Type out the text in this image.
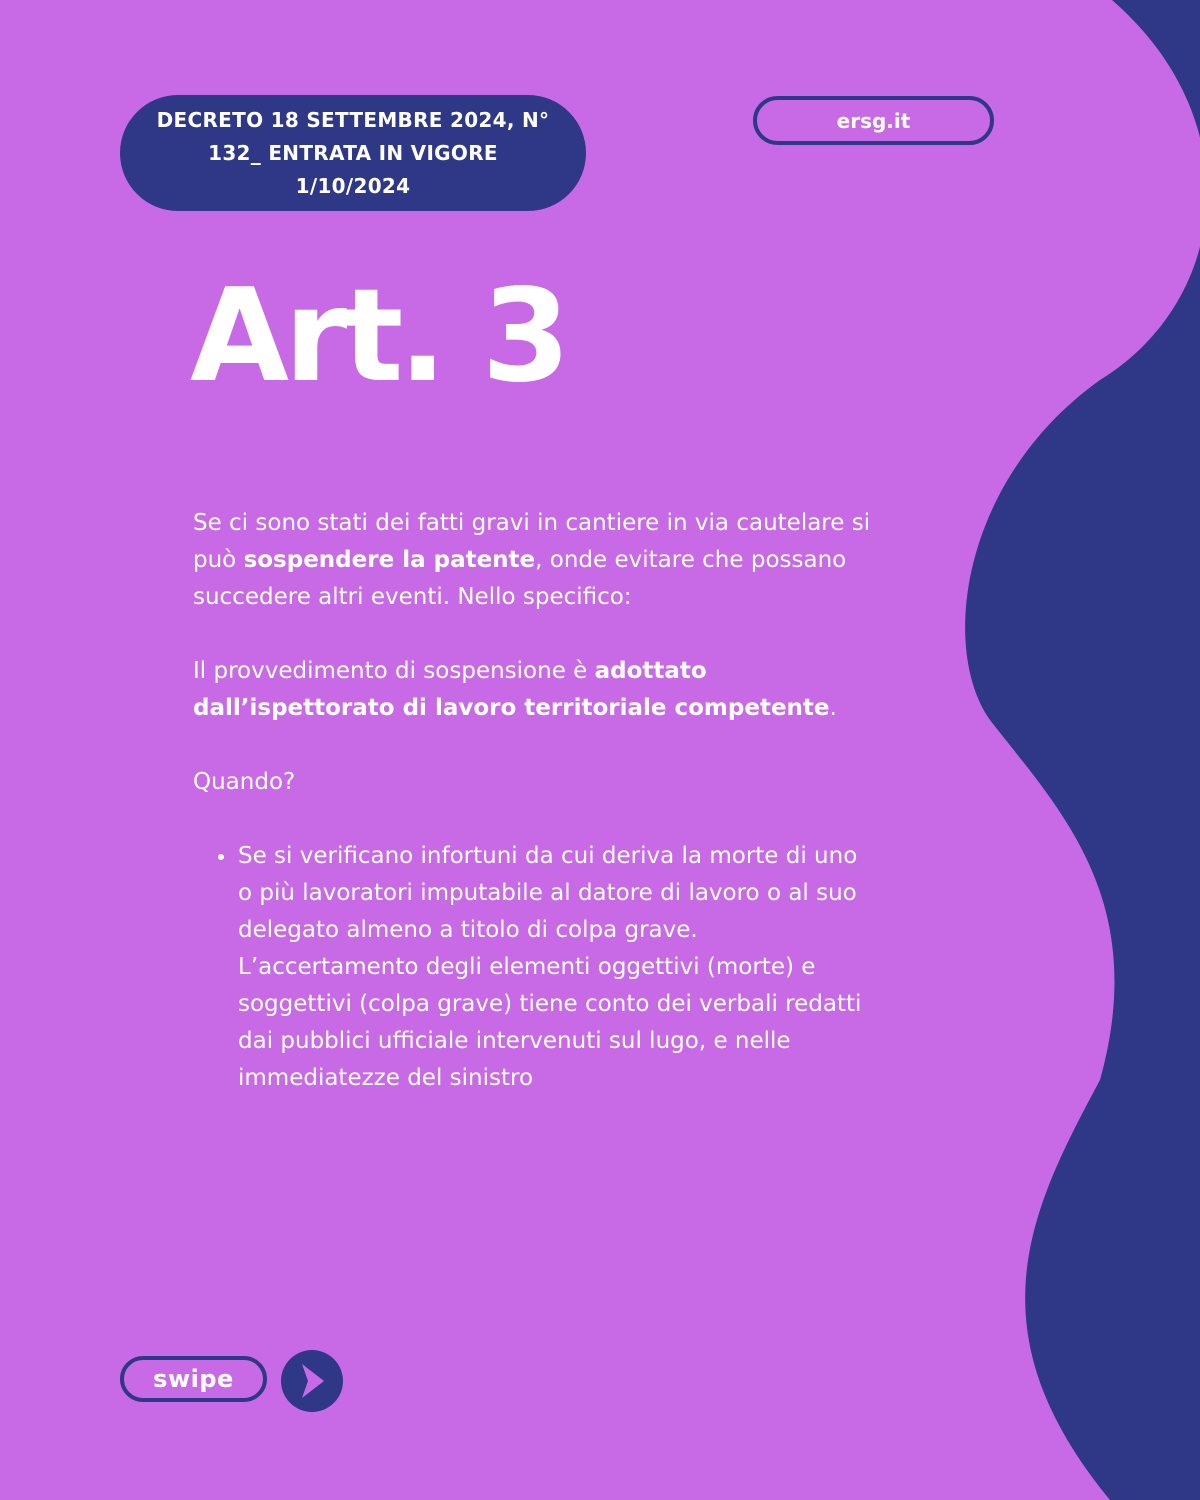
DECRETO 18 SETTEMBRE 2024, N° 132_ ENTRATA IN VIGORE 1/10/2024
ersg.it
Art. 3

Se ci sono stati dei fatti gravi in cantiere in via cautelare si può sospendere la patente, onde evitare che possano succedere altri eventi. Nello specifico:

Il provvedimento di sospensione è adottato dall’ispettorato di lavoro territoriale competente.

Quando?

Se si verificano infortuni da cui deriva la morte di uno o più lavoratori imputabile al datore di lavoro o al suo delegato almeno a titolo di colpa grave. L’accertamento degli elementi oggettivi (morte) e soggettivi (colpa grave) tiene conto dei verbali redatti dai pubblici ufficiale intervenuti sul lugo, e nelle immediatezze del sinistro
swipe
